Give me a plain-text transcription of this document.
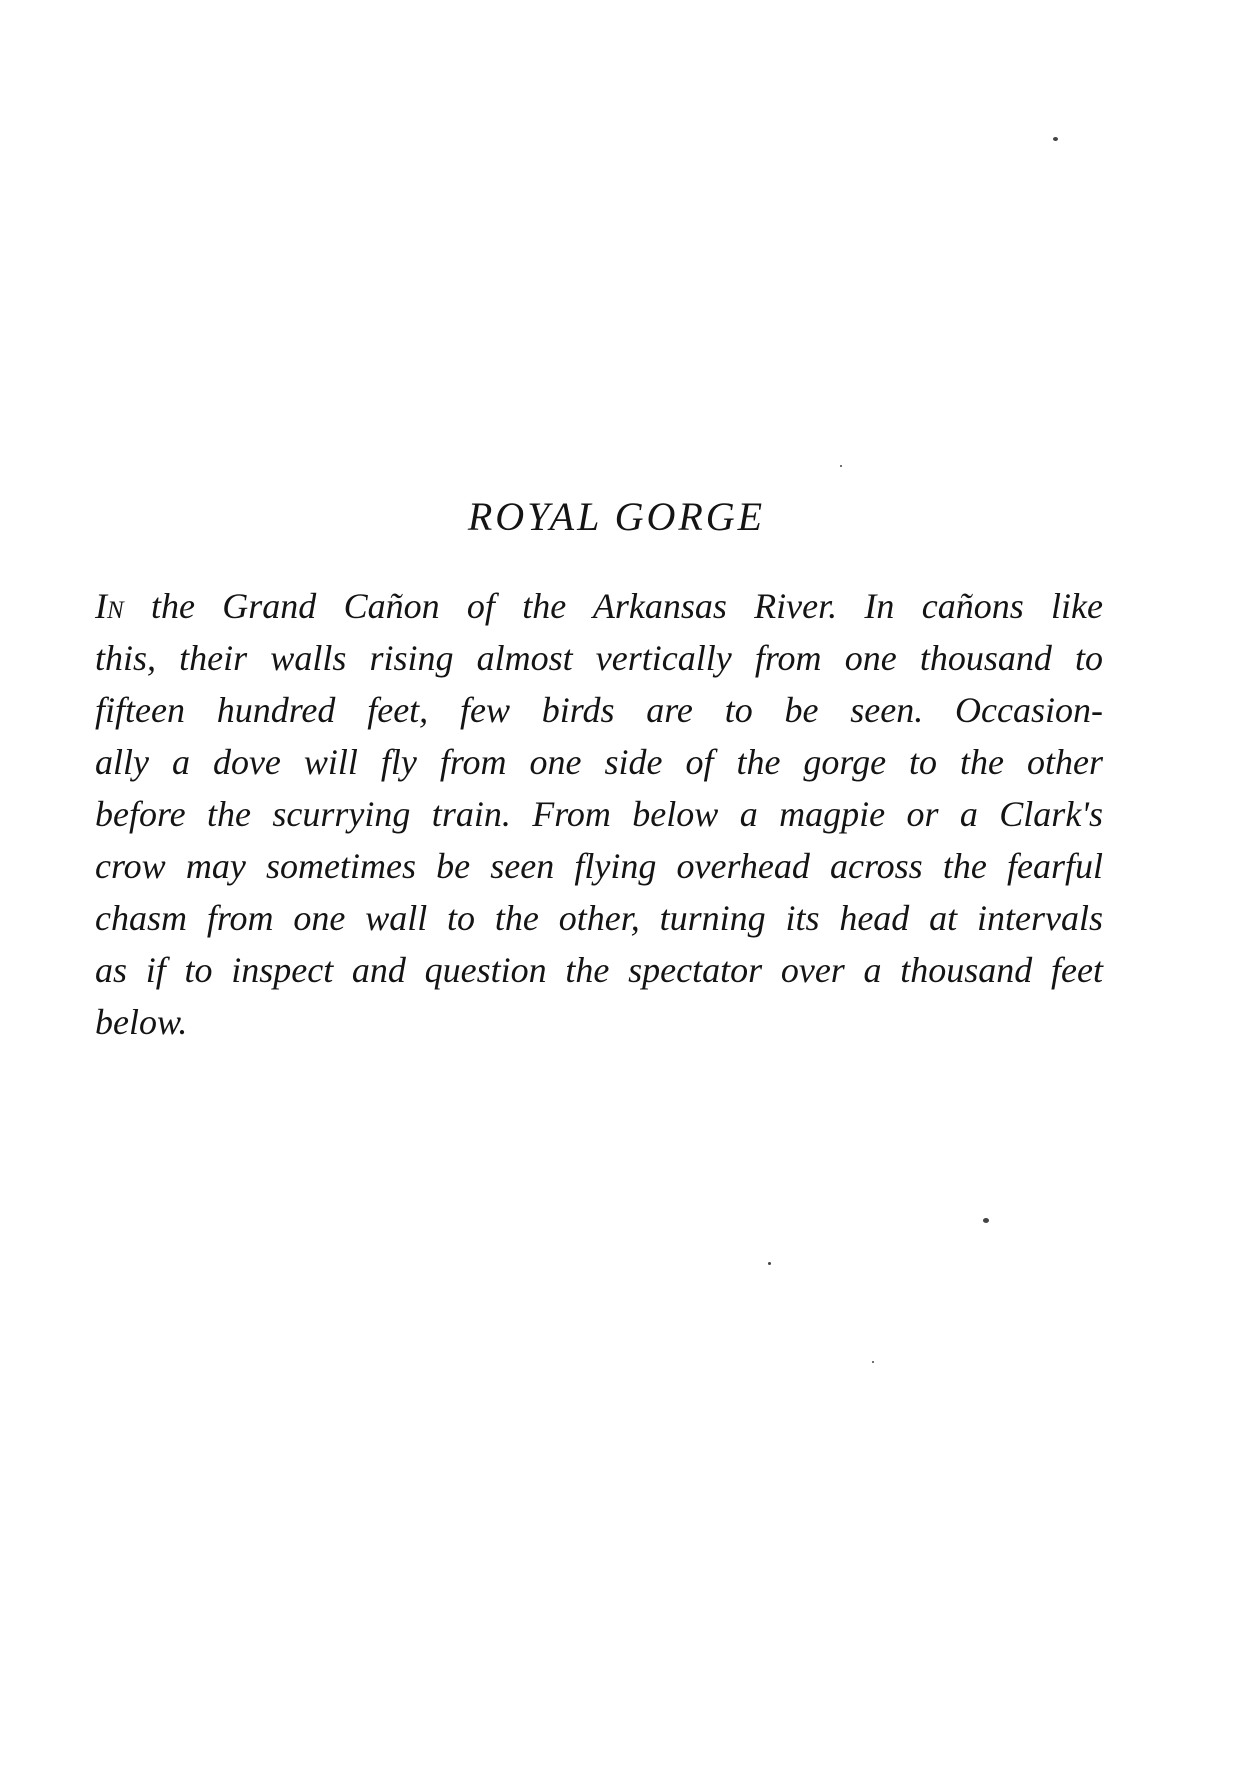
ROYAL GORGE

In the Grand Cañon of the Arkansas River. In cañons like
this, their walls rising almost vertically from one thousand to
fifteen hundred feet, few birds are to be seen. Occasion-
ally a dove will fly from one side of the gorge to the other
before the scurrying train. From below a magpie or a Clark's
crow may sometimes be seen flying overhead across the fearful
chasm from one wall to the other, turning its head at intervals
as if to inspect and question the spectator over a thousand feet
below.
